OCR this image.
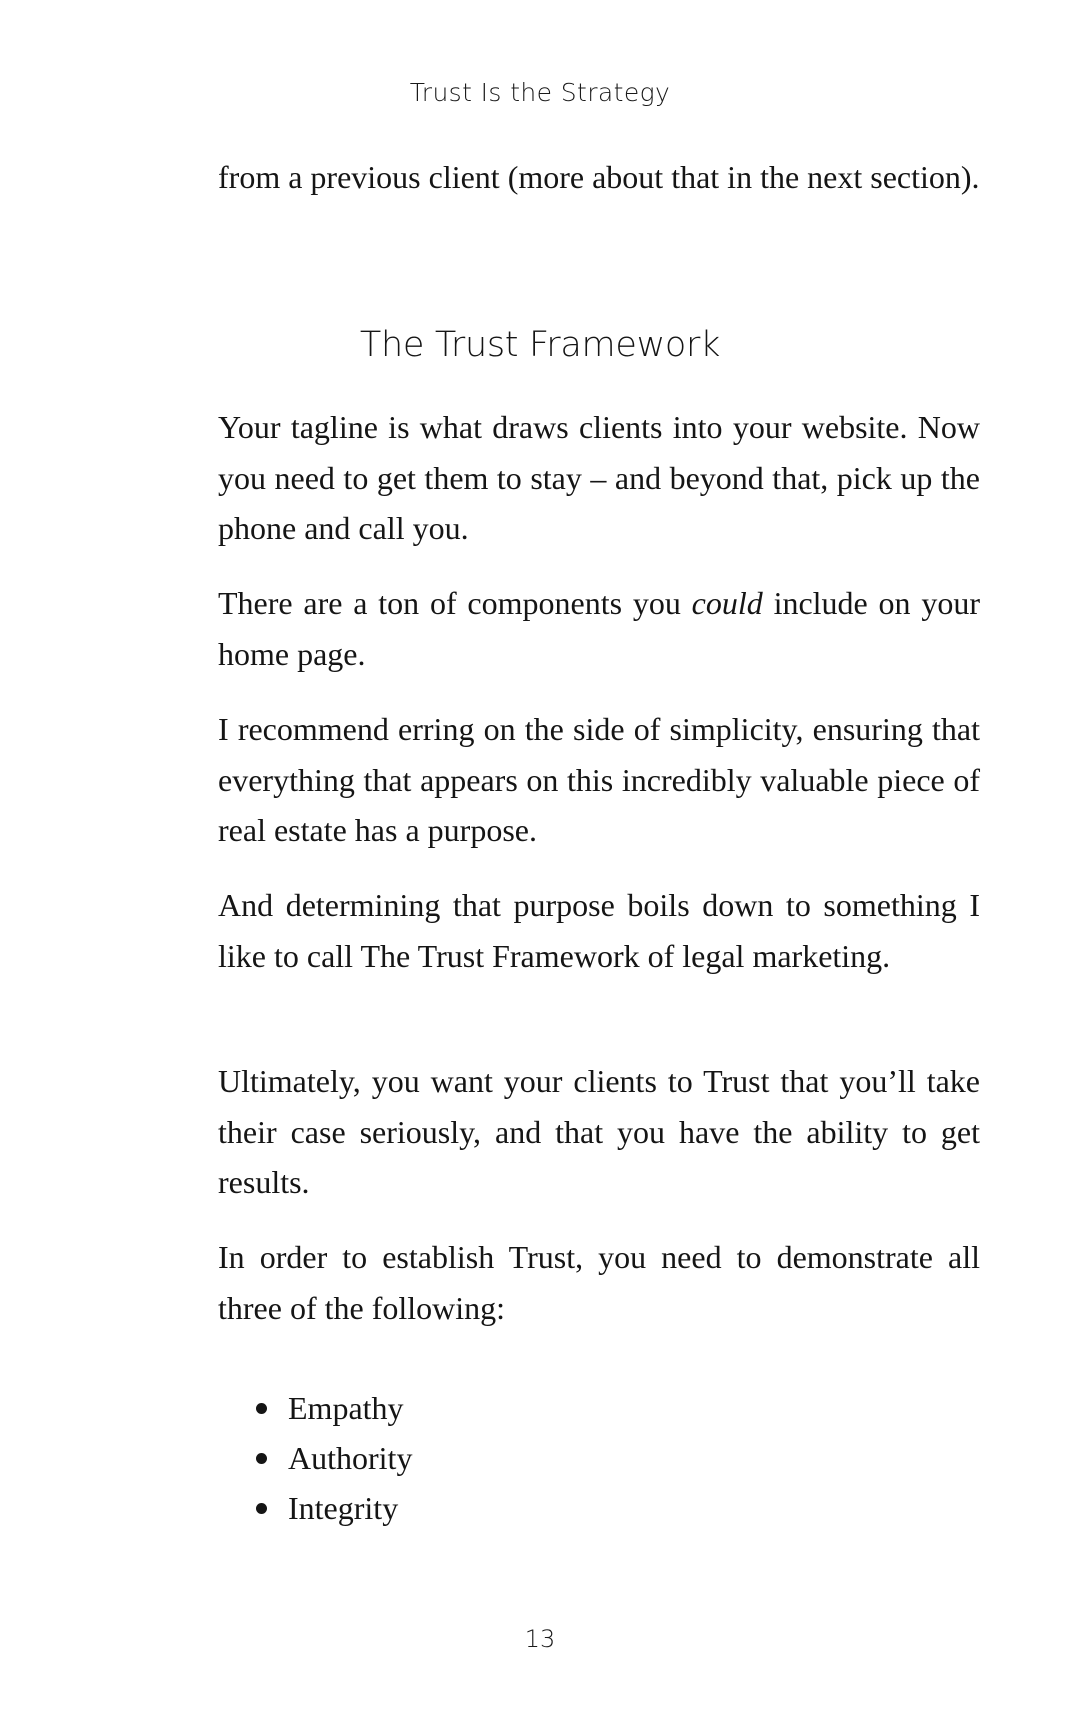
Trust Is the Strategy

from a previous client (more about that in the next section).

The Trust Framework

Your tagline is what draws clients into your website. Now you need to get them to stay – and beyond that, pick up the phone and call you.

There are a ton of components you could include on your home page.

I recommend erring on the side of simplicity, ensuring that everything that appears on this incredibly valuable piece of real estate has a purpose.

And determining that purpose boils down to something I like to call The Trust Framework of legal marketing.

Ultimately, you want your clients to Trust that you’ll take their case seriously, and that you have the ability to get results.

In order to establish Trust, you need to demonstrate all three of the following:

Empathy
Authority
Integrity
13
